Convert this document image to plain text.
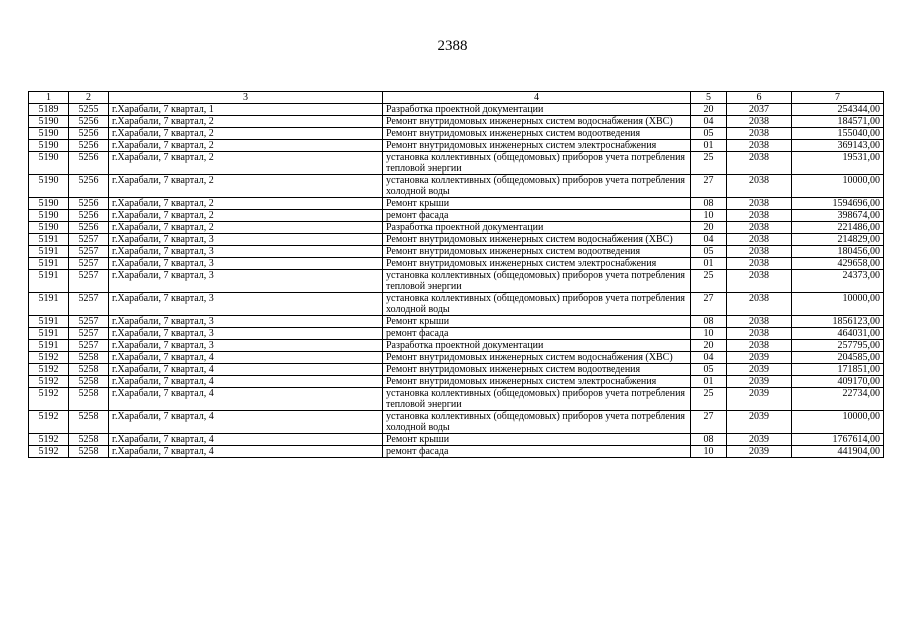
2388
1	2	3	4	5	6	7
5189	5255	г.Харабали, 7 квартал, 1	Разработка проектной документации	20	2037	254344,00
5190	5256	г.Харабали, 7 квартал, 2	Ремонт внутридомовых инженерных систем водоснабжения (ХВС)	04	2038	184571,00
5190	5256	г.Харабали, 7 квартал, 2	Ремонт внутридомовых инженерных систем водоотведения	05	2038	155040,00
5190	5256	г.Харабали, 7 квартал, 2	Ремонт внутридомовых инженерных систем электроснабжения	01	2038	369143,00
5190	5256	г.Харабали, 7 квартал, 2	установка коллективных (общедомовых) приборов учета потребления тепловой энергии	25	2038	19531,00
5190	5256	г.Харабали, 7 квартал, 2	установка коллективных (общедомовых) приборов учета потребления холодной воды	27	2038	10000,00
5190	5256	г.Харабали, 7 квартал, 2	Ремонт крыши	08	2038	1594696,00
5190	5256	г.Харабали, 7 квартал, 2	ремонт фасада	10	2038	398674,00
5190	5256	г.Харабали, 7 квартал, 2	Разработка проектной документации	20	2038	221486,00
5191	5257	г.Харабали, 7 квартал, 3	Ремонт внутридомовых инженерных систем водоснабжения (ХВС)	04	2038	214829,00
5191	5257	г.Харабали, 7 квартал, 3	Ремонт внутридомовых инженерных систем водоотведения	05	2038	180456,00
5191	5257	г.Харабали, 7 квартал, 3	Ремонт внутридомовых инженерных систем электроснабжения	01	2038	429658,00
5191	5257	г.Харабали, 7 квартал, 3	установка коллективных (общедомовых) приборов учета потребления тепловой энергии	25	2038	24373,00
5191	5257	г.Харабали, 7 квартал, 3	установка коллективных (общедомовых) приборов учета потребления холодной воды	27	2038	10000,00
5191	5257	г.Харабали, 7 квартал, 3	Ремонт крыши	08	2038	1856123,00
5191	5257	г.Харабали, 7 квартал, 3	ремонт фасада	10	2038	464031,00
5191	5257	г.Харабали, 7 квартал, 3	Разработка проектной документации	20	2038	257795,00
5192	5258	г.Харабали, 7 квартал, 4	Ремонт внутридомовых инженерных систем водоснабжения (ХВС)	04	2039	204585,00
5192	5258	г.Харабали, 7 квартал, 4	Ремонт внутридомовых инженерных систем водоотведения	05	2039	171851,00
5192	5258	г.Харабали, 7 квартал, 4	Ремонт внутридомовых инженерных систем электроснабжения	01	2039	409170,00
5192	5258	г.Харабали, 7 квартал, 4	установка коллективных (общедомовых) приборов учета потребления тепловой энергии	25	2039	22734,00
5192	5258	г.Харабали, 7 квартал, 4	установка коллективных (общедомовых) приборов учета потребления холодной воды	27	2039	10000,00
5192	5258	г.Харабали, 7 квартал, 4	Ремонт крыши	08	2039	1767614,00
5192	5258	г.Харабали, 7 квартал, 4	ремонт фасада	10	2039	441904,00
